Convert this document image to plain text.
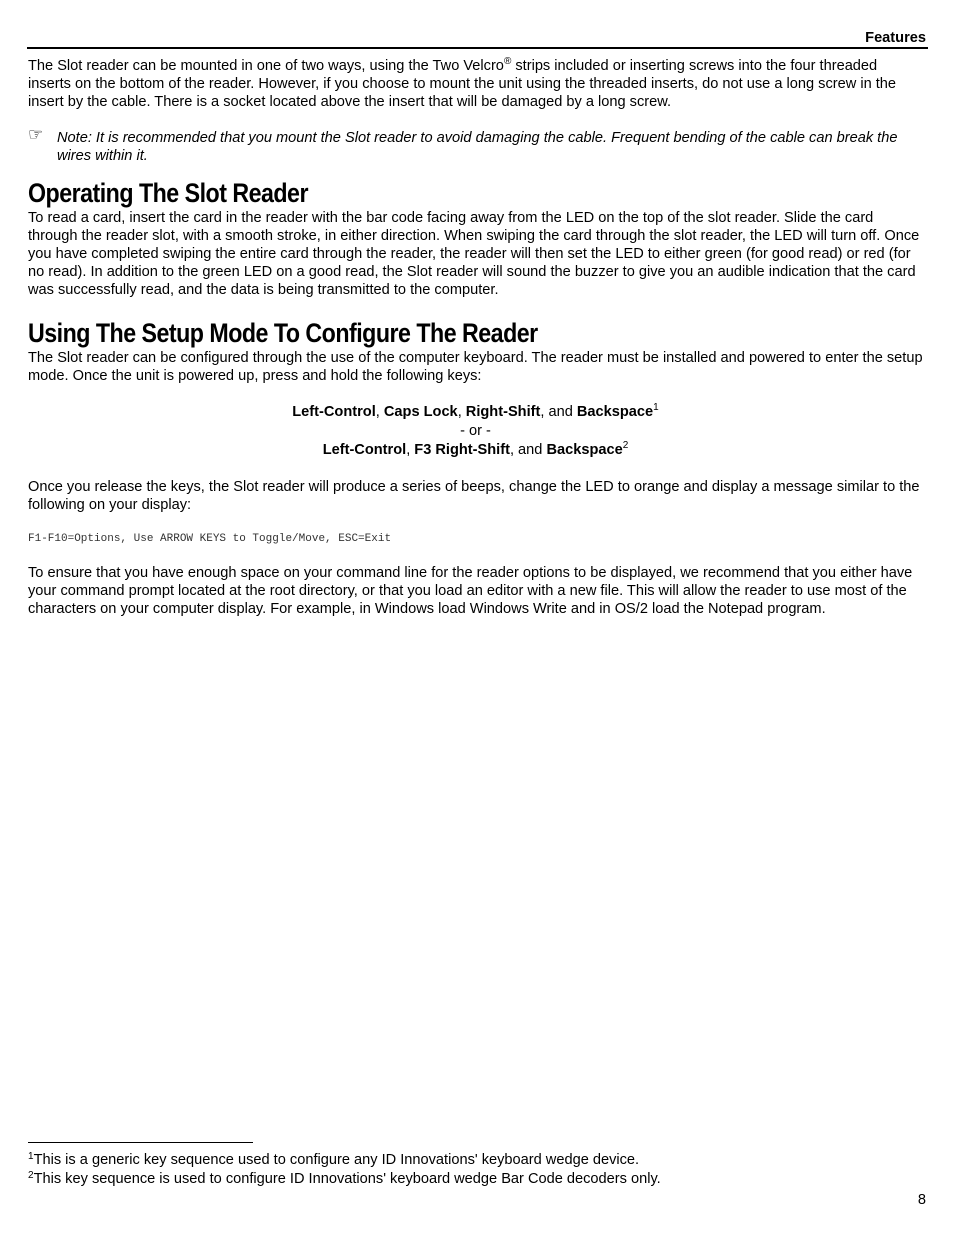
Features

The Slot reader can be mounted in one of two ways, using the Two Velcro® strips included or inserting screws into the four threaded inserts on the bottom of the reader. However, if you choose to mount the unit using the threaded inserts, do not use a long screw in the insert by the cable. There is a socket located above the insert that will be damaged by a long screw.

☞ Note: It is recommended that you mount the Slot reader to avoid damaging the cable. Frequent bending of the cable can break the wires within it.
Operating The Slot Reader

To read a card, insert the card in the reader with the bar code facing away from the LED on the top of the slot reader. Slide the card through the reader slot, with a smooth stroke, in either direction. When swiping the card through the slot reader, the LED will turn off. Once you have completed swiping the entire card through the reader, the reader will then set the LED to either green (for good read) or red (for no read). In addition to the green LED on a good read, the Slot reader will sound the buzzer to give you an audible indication that the card was successfully read, and the data is being transmitted to the computer.

Using The Setup Mode To Configure The Reader

The Slot reader can be configured through the use of the computer keyboard. The reader must be installed and powered to enter the setup mode. Once the unit is powered up, press and hold the following keys:

Left-Control, Caps Lock, Right-Shift, and Backspace$^1$
- or -
Left-Control, F3 Right-Shift, and Backspace$^2$

Once you release the keys, the Slot reader will produce a series of beeps, change the LED to orange and display a message similar to the following on your display:

F1-F10=Options, Use ARROW KEYS to Toggle/Move, ESC=Exit

To ensure that you have enough space on your command line for the reader options to be displayed, we recommend that you either have your command prompt located at the root directory, or that you load an editor with a new file. This will allow the reader to use most of the characters on your computer display. For example, in Windows load Windows Write and in OS/2 load the Notepad program.

$^1$This is a generic key sequence used to configure any ID Innovations' keyboard wedge device.
$^2$This key sequence is used to configure ID Innovations' keyboard wedge Bar Code decoders only.
8
